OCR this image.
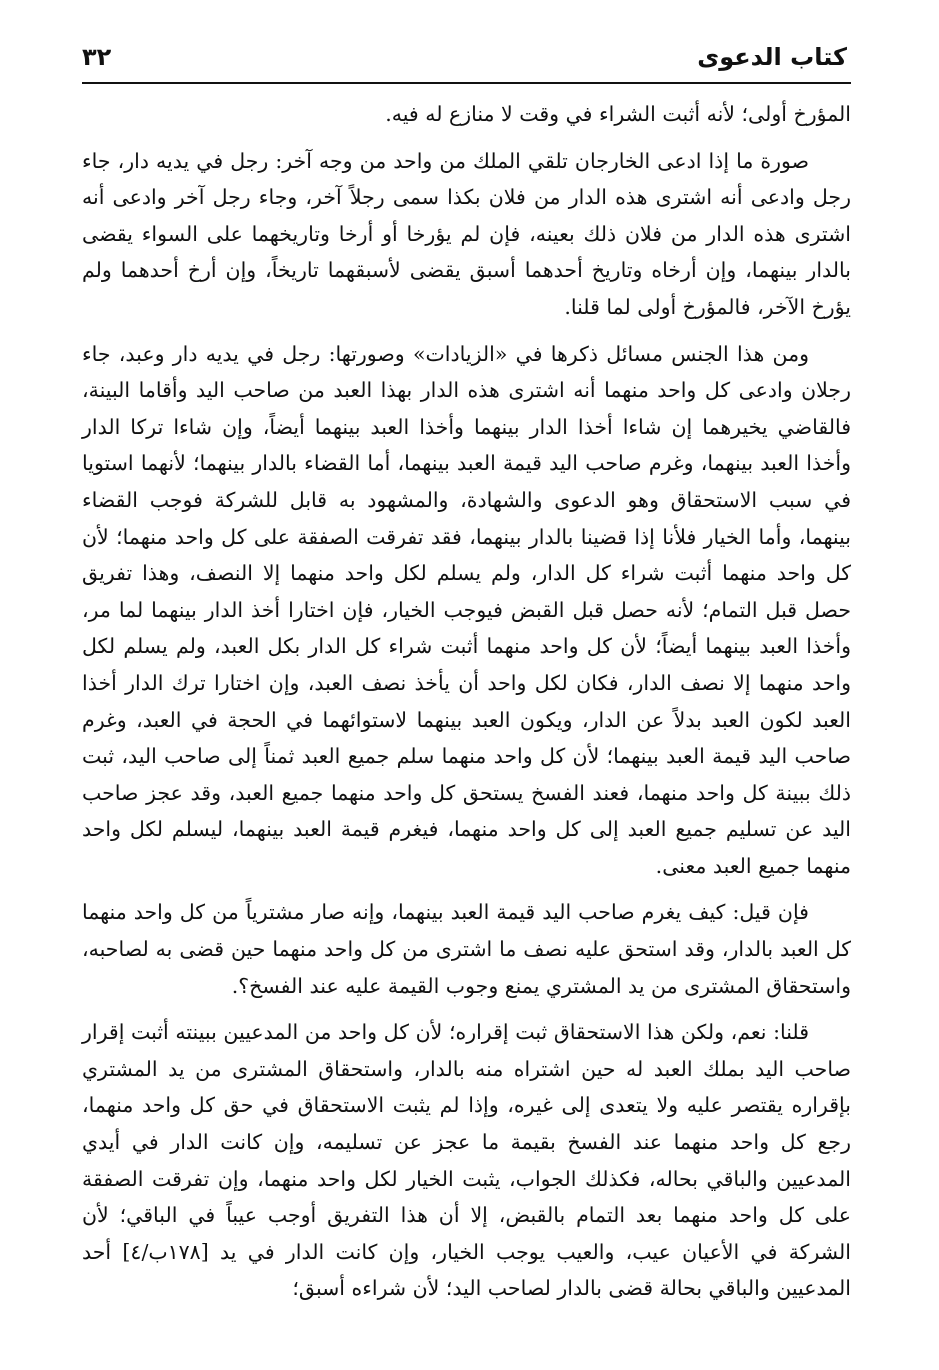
كتاب الدعوى
٣٢

المؤرخ أولى؛ لأنه أثبت الشراء في وقت لا منازع له فيه.

صورة ما إذا ادعى الخارجان تلقي الملك من واحد من وجه آخر: رجل في يديه دار، جاء رجل وادعى أنه اشترى هذه الدار من فلان بكذا سمى رجلاً آخر، وجاء رجل آخر وادعى أنه اشترى هذه الدار من فلان ذلك بعينه، فإن لم يؤرخا أو أرخا وتاريخهما على السواء يقضى بالدار بينهما، وإن أرخاه وتاريخ أحدهما أسبق يقضى لأسبقهما تاريخاً، وإن أرخ أحدهما ولم يؤرخ الآخر، فالمؤرخ أولى لما قلنا.

ومن هذا الجنس مسائل ذكرها في «الزيادات» وصورتها: رجل في يديه دار وعبد، جاء رجلان وادعى كل واحد منهما أنه اشترى هذه الدار بهذا العبد من صاحب اليد وأقاما البينة، فالقاضي يخيرهما إن شاءا أخذا الدار بينهما وأخذا العبد بينهما أيضاً، وإن شاءا تركا الدار وأخذا العبد بينهما، وغرم صاحب اليد قيمة العبد بينهما، أما القضاء بالدار بينهما؛ لأنهما استويا في سبب الاستحقاق وهو الدعوى والشهادة، والمشهود به قابل للشركة فوجب القضاء بينهما، وأما الخيار فلأنا إذا قضينا بالدار بينهما، فقد تفرقت الصفقة على كل واحد منهما؛ لأن كل واحد منهما أثبت شراء كل الدار، ولم يسلم لكل واحد منهما إلا النصف، وهذا تفريق حصل قبل التمام؛ لأنه حصل قبل القبض فيوجب الخيار، فإن اختارا أخذ الدار بينهما لما مر، وأخذا العبد بينهما أيضاً؛ لأن كل واحد منهما أثبت شراء كل الدار بكل العبد، ولم يسلم لكل واحد منهما إلا نصف الدار، فكان لكل واحد أن يأخذ نصف العبد، وإن اختارا ترك الدار أخذا العبد لكون العبد بدلاً عن الدار، ويكون العبد بينهما لاستوائهما في الحجة في العبد، وغرم صاحب اليد قيمة العبد بينهما؛ لأن كل واحد منهما سلم جميع العبد ثمناً إلى صاحب اليد، ثبت ذلك ببينة كل واحد منهما، فعند الفسخ يستحق كل واحد منهما جميع العبد، وقد عجز صاحب اليد عن تسليم جميع العبد إلى كل واحد منهما، فيغرم قيمة العبد بينهما، ليسلم لكل واحد منهما جميع العبد معنى.

فإن قيل: كيف يغرم صاحب اليد قيمة العبد بينهما، وإنه صار مشترياً من كل واحد منهما كل العبد بالدار، وقد استحق عليه نصف ما اشترى من كل واحد منهما حين قضى به لصاحبه، واستحقاق المشترى من يد المشتري يمنع وجوب القيمة عليه عند الفسخ؟.

قلنا: نعم، ولكن هذا الاستحقاق ثبت إقراره؛ لأن كل واحد من المدعيين ببينته أثبت إقرار صاحب اليد بملك العبد له حين اشتراه منه بالدار، واستحقاق المشترى من يد المشتري بإقراره يقتصر عليه ولا يتعدى إلى غيره، وإذا لم يثبت الاستحقاق في حق كل واحد منهما، رجع كل واحد منهما عند الفسخ بقيمة ما عجز عن تسليمه، وإن كانت الدار في أيدي المدعيين والباقي بحاله، فكذلك الجواب، يثبت الخيار لكل واحد منهما، وإن تفرقت الصفقة على كل واحد منهما بعد التمام بالقبض، إلا أن هذا التفريق أوجب عيباً في الباقي؛ لأن الشركة في الأعيان عيب، والعيب يوجب الخيار، وإن كانت الدار في يد [١٧٨ب/٤] أحد المدعيين والباقي بحالة قضى بالدار لصاحب اليد؛ لأن شراءه أسبق؛
